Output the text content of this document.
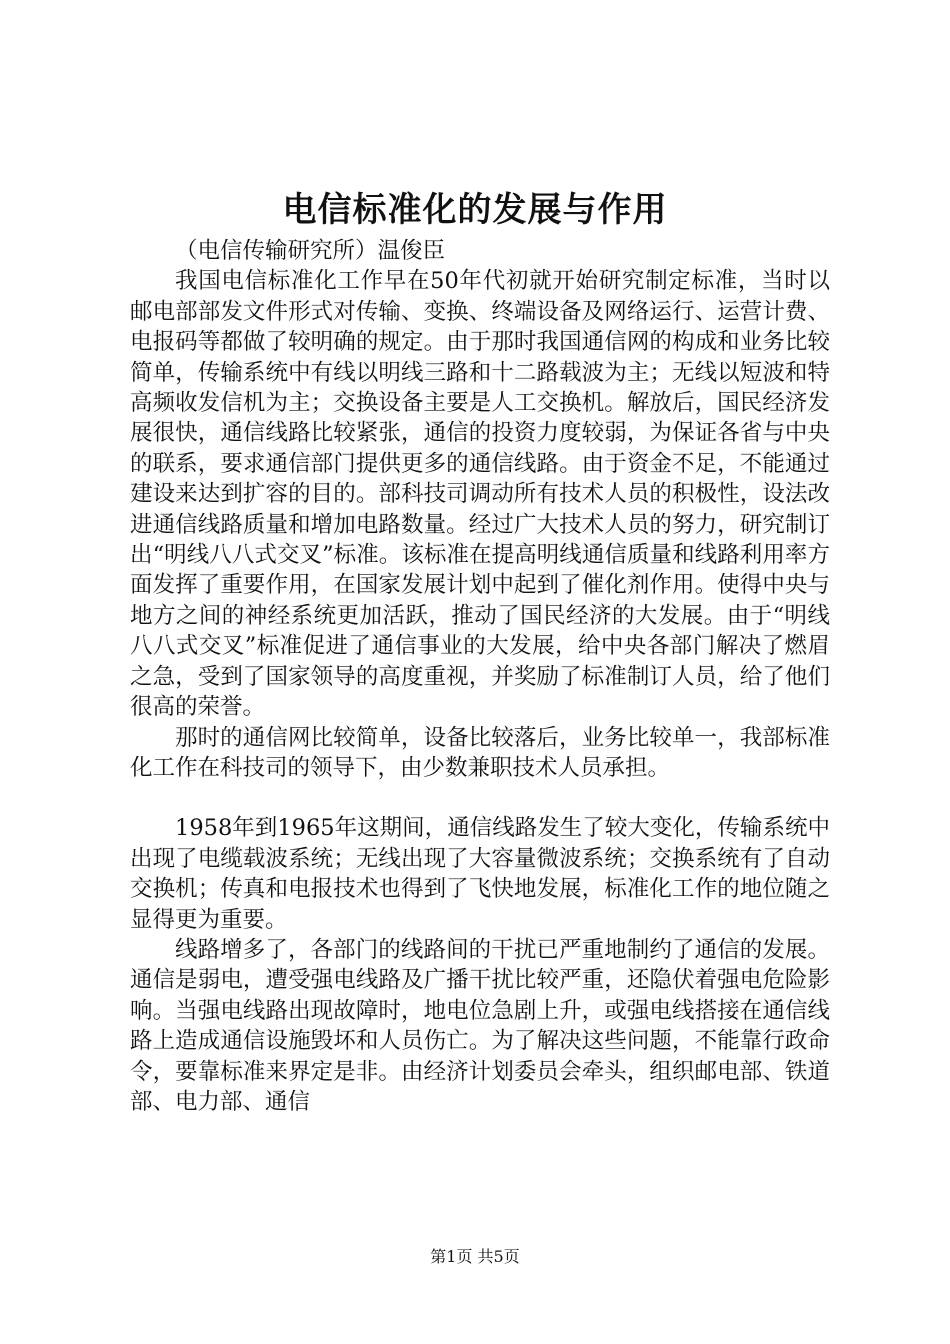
电信标准化的发展与作用

（电信传输研究所）温俊臣

我国电信标准化工作早在50年代初就开始研究制定标准，当时以邮电部部发文件形式对传输、变换、终端设备及网络运行、运营计费、电报码等都做了较明确的规定。由于那时我国通信网的构成和业务比较简单，传输系统中有线以明线三路和十二路载波为主；无线以短波和特高频收发信机为主；交换设备主要是人工交换机。解放后，国民经济发展很快，通信线路比较紧张，通信的投资力度较弱，为保证各省与中央的联系，要求通信部门提供更多的通信线路。由于资金不足，不能通过建设来达到扩容的目的。部科技司调动所有技术人员的积极性，设法改进通信线路质量和增加电路数量。经过广大技术人员的努力，研究制订出“明线八八式交叉”标准。该标准在提高明线通信质量和线路利用率方面发挥了重要作用，在国家发展计划中起到了催化剂作用。使得中央与地方之间的神经系统更加活跃，推动了国民经济的大发展。由于“明线八八式交叉”标准促进了通信事业的大发展，给中央各部门解决了燃眉之急，受到了国家领导的高度重视，并奖励了标准制订人员，给了他们很高的荣誉。

那时的通信网比较简单，设备比较落后，业务比较单一，我部标准化工作在科技司的领导下，由少数兼职技术人员承担。

1958年到1965年这期间，通信线路发生了较大变化，传输系统中出现了电缆载波系统；无线出现了大容量微波系统；交换系统有了自动交换机；传真和电报技术也得到了飞快地发展，标准化工作的地位随之显得更为重要。

线路增多了，各部门的线路间的干扰已严重地制约了通信的发展。通信是弱电，遭受强电线路及广播干扰比较严重，还隐伏着强电危险影响。当强电线路出现故障时，地电位急剧上升，或强电线搭接在通信线路上造成通信设施毁坏和人员伤亡。为了解决这些问题，不能靠行政命令，要靠标准来界定是非。由经济计划委员会牵头，组织邮电部、铁道部、电力部、通信

第1页 共5页
